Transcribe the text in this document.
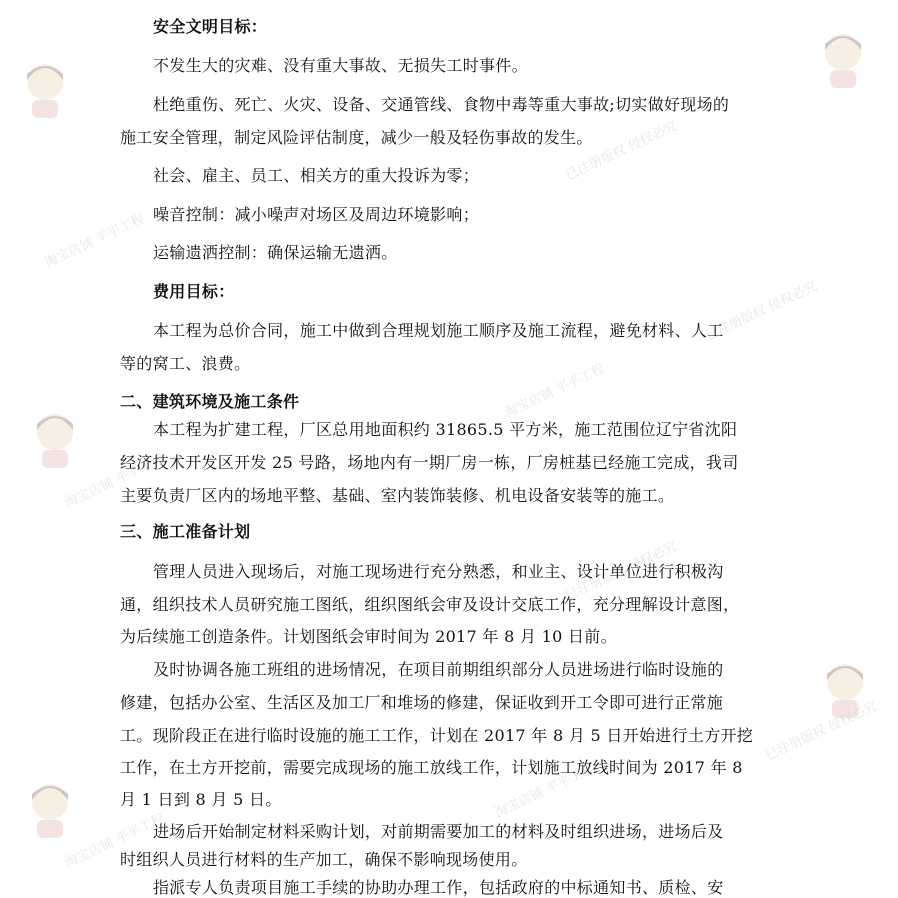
淘宝店铺 平平工程
已注册版权 侵权必究
已注册版权 侵权必究
淘宝店铺 平平工程
淘宝店铺 平平工程
已注册版权 侵权必究
已注册版权 侵权必究
淘宝店铺 平平工程
淘宝店铺 平平工程
安全文明目标：
不发生大的灾难、没有重大事故、无损失工时事件。
杜绝重伤、死亡、火灾、设备、交通管线、食物中毒等重大事故;切实做好现场的
施工安全管理，制定风险评估制度，减少一般及轻伤事故的发生。
社会、雇主、员工、相关方的重大投诉为零；
噪音控制：减小噪声对场区及周边环境影响；
运输遗洒控制：确保运输无遗洒。
费用目标：
本工程为总价合同，施工中做到合理规划施工顺序及施工流程，避免材料、人工
等的窝工、浪费。
二、建筑环境及施工条件
本工程为扩建工程，厂区总用地面积约 31865.5 平方米，施工范围位辽宁省沈阳
经济技术开发区开发 25 号路，场地内有一期厂房一栋，厂房桩基已经施工完成，我司
主要负责厂区内的场地平整、基础、室内装饰装修、机电设备安装等的施工。
三、施工准备计划
管理人员进入现场后，对施工现场进行充分熟悉，和业主、设计单位进行积极沟
通，组织技术人员研究施工图纸，组织图纸会审及设计交底工作，充分理解设计意图，
为后续施工创造条件。计划图纸会审时间为 2017 年 8 月 10 日前。
及时协调各施工班组的进场情况，在项目前期组织部分人员进场进行临时设施的
修建，包括办公室、生活区及加工厂和堆场的修建，保证收到开工令即可进行正常施
工。现阶段正在进行临时设施的施工工作，计划在 2017 年 8 月 5 日开始进行土方开挖
工作，在土方开挖前，需要完成现场的施工放线工作，计划施工放线时间为 2017 年 8
月 1 日到 8 月 5 日。
进场后开始制定材料采购计划，对前期需要加工的材料及时组织进场，进场后及
时组织人员进行材料的生产加工，确保不影响现场使用。
指派专人负责项目施工手续的协助办理工作，包括政府的中标通知书、质检、安
